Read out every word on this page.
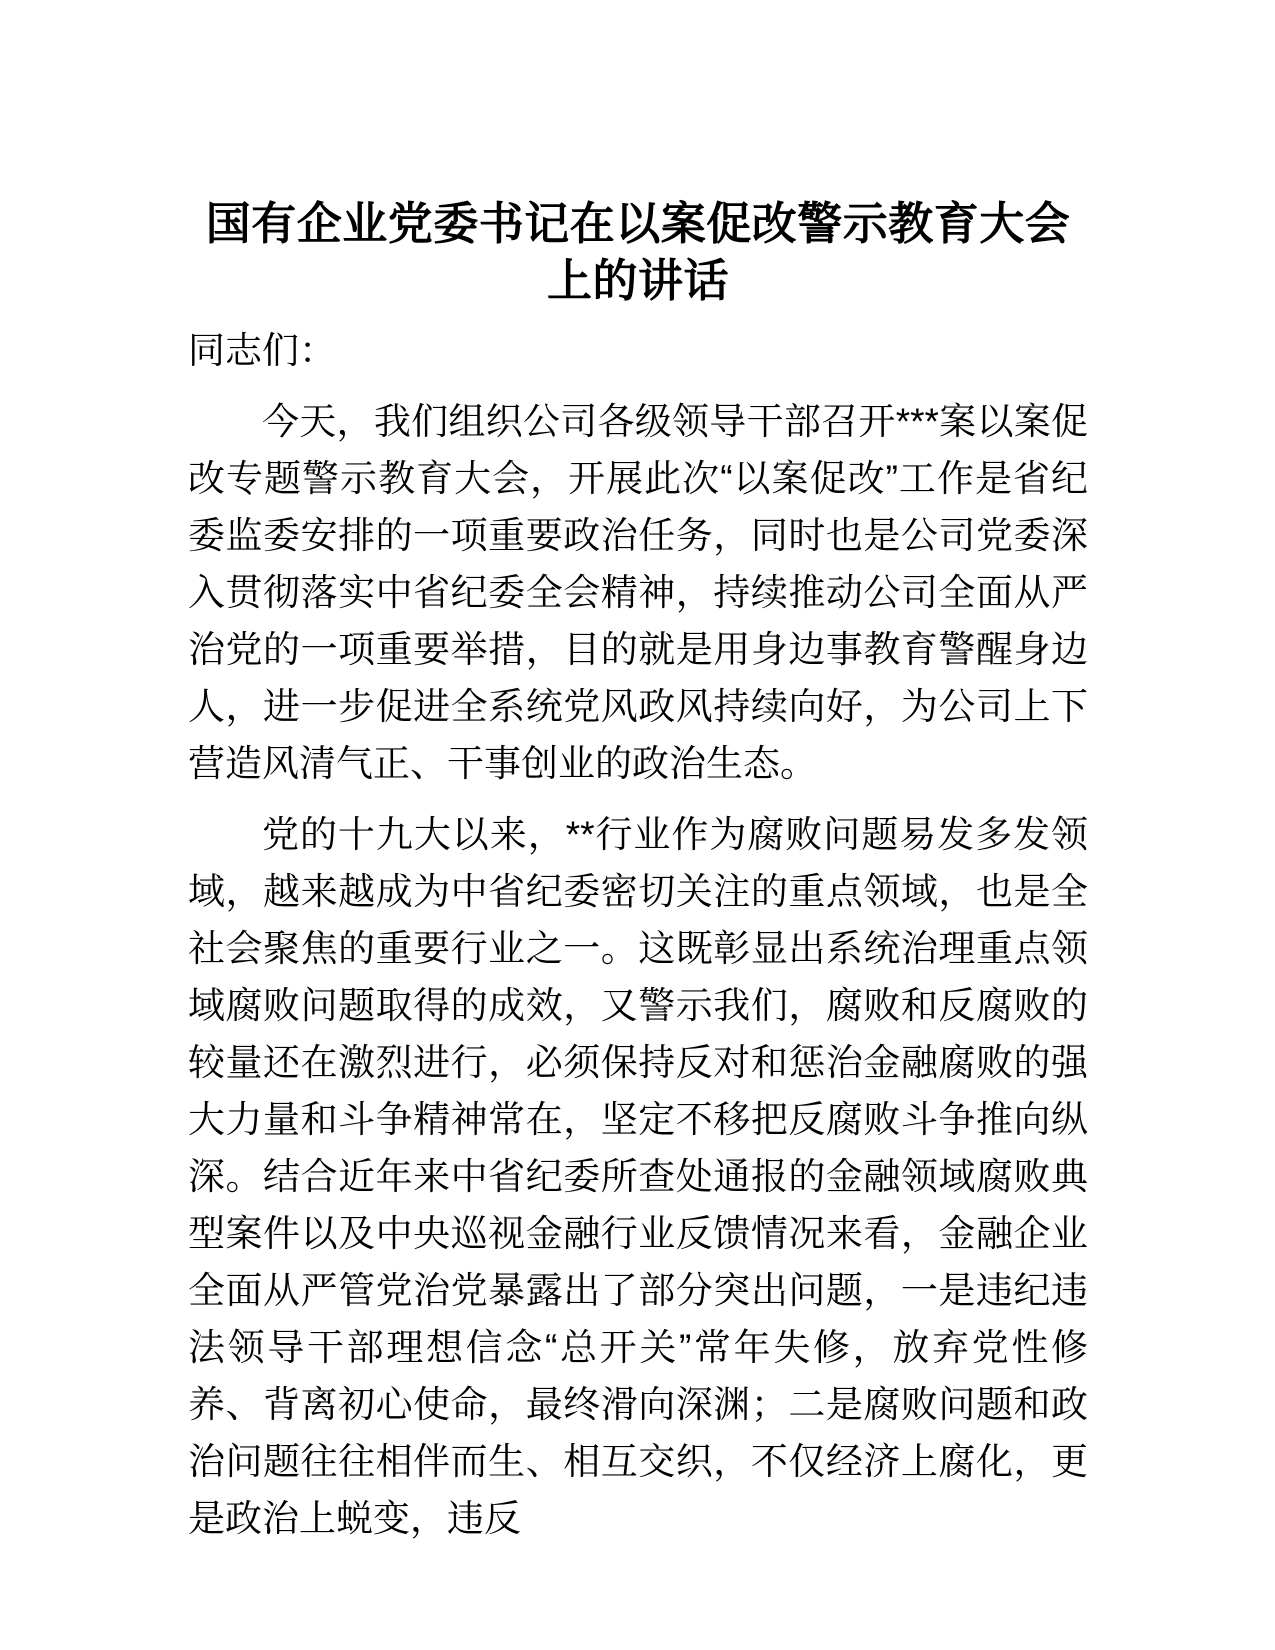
国有企业党委书记在以案促改警示教育大会上的讲话

同志们：

今天，我们组织公司各级领导干部召开***案以案促改专题警示教育大会，开展此次“以案促改”工作是省纪委监委安排的一项重要政治任务，同时也是公司党委深入贯彻落实中省纪委全会精神，持续推动公司全面从严治党的一项重要举措，目的就是用身边事教育警醒身边人，进一步促进全系统党风政风持续向好，为公司上下营造风清气正、干事创业的政治生态。

党的十九大以来，**行业作为腐败问题易发多发领域，越来越成为中省纪委密切关注的重点领域，也是全社会聚焦的重要行业之一。这既彰显出系统治理重点领域腐败问题取得的成效，又警示我们，腐败和反腐败的较量还在激烈进行，必须保持反对和惩治金融腐败的强大力量和斗争精神常在，坚定不移把反腐败斗争推向纵深。结合近年来中省纪委所查处通报的金融领域腐败典型案件以及中央巡视金融行业反馈情况来看，金融企业全面从严管党治党暴露出了部分突出问题，一是违纪违法领导干部理想信念“总开关”常年失修，放弃党性修养、背离初心使命，最终滑向深渊；二是腐败问题和政治问题往往相伴而生、相互交织，不仅经济上腐化，更是政治上蜕变，违反
